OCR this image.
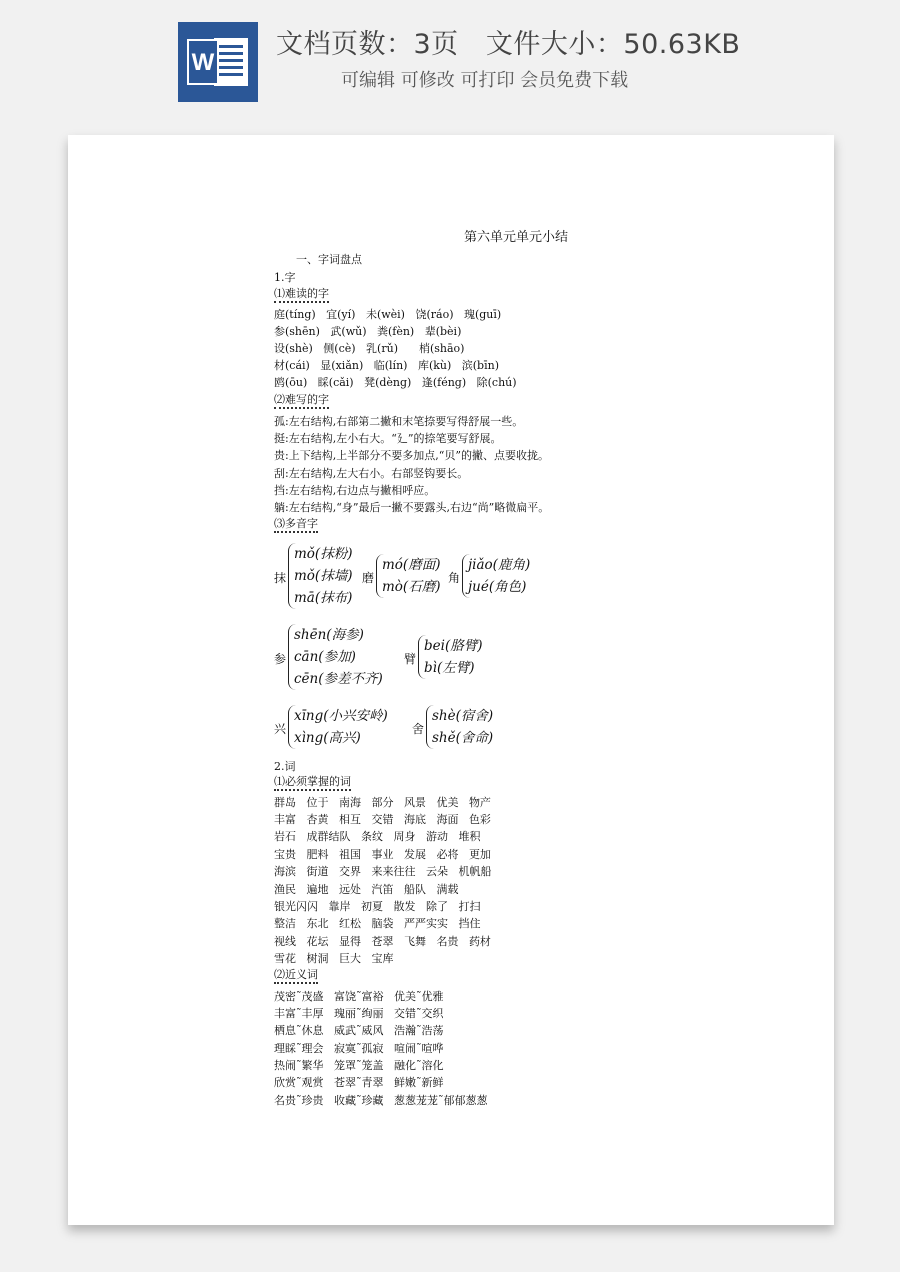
W
文档页数：3页   文件大小：50.63KB
可编辑 可修改 可打印 会员免费下载
第六单元单元小结
一、字词盘点
1.字
⑴难读的字
庭(tíng)   宜(yí)   未(wèi)   饶(ráo)   瑰(guī)
参(shēn)   武(wǔ)   粪(fèn)   辈(bèi)
设(shè)   侧(cè)   乳(rǔ)      梢(shāo)
材(cái)   显(xiǎn)   临(lín)   库(kù)   滨(bīn)
鸥(ōu)   睬(cǎi)   凳(dèng)   逢(féng)   除(chú)
⑵难写的字
孤:左右结构,右部第二撇和末笔捺要写得舒展一些。
挺:左右结构,左小右大。“廴”的捺笔要写舒展。
贵:上下结构,上半部分不要多加点,“贝”的撇、点要收拢。
刮:左右结构,左大右小。右部竖钩要长。
挡:左右结构,右边点与撇相呼应。
躺:左右结构,“身”最后一撇不要露头,右边“尚”略微扁平。
⑶多音字
抹
mǒ(抹粉)
mǒ(抹墙)
mā(抹布)
磨
mó(磨面)
mò(石磨)
角
jiǎo(鹿角)
jué(角色)
参
shēn(海参)
cān(参加)
cēn(参差不齐)
臂
bei(胳臂)
bì(左臂)
兴
xīng(小兴安岭)
xìng(高兴)
舍
shè(宿舍)
shě(舍命)
2.词
⑴必须掌握的词
群岛   位于   南海   部分   风景   优美   物产
丰富   杏黄   相互   交错   海底   海面   色彩
岩石   成群结队   条纹   周身   游动   堆积
宝贵   肥料   祖国   事业   发展   必将   更加
海滨   街道   交界   来来往往   云朵   机帆船
渔民   遍地   远处   汽笛   船队   满载
银光闪闪   靠岸   初夏   散发   除了   打扫
整洁   东北   红松   脑袋   严严实实   挡住
视线   花坛   显得   苍翠   飞舞   名贵   药材
雪花   树洞   巨大   宝库
⑵近义词
茂密˜茂盛   富饶˜富裕   优美˜优雅
丰富˜丰厚   瑰丽˜绚丽   交错˜交织
栖息˜休息   威武˜威风   浩瀚˜浩荡
理睬˜理会   寂寞˜孤寂   喧闹˜喧哗
热闹˜繁华   笼罩˜笼盖   融化˜溶化
欣赏˜观赏   苍翠˜青翠   鲜嫩˜新鲜
名贵˜珍贵   收藏˜珍藏   葱葱茏茏˜郁郁葱葱
